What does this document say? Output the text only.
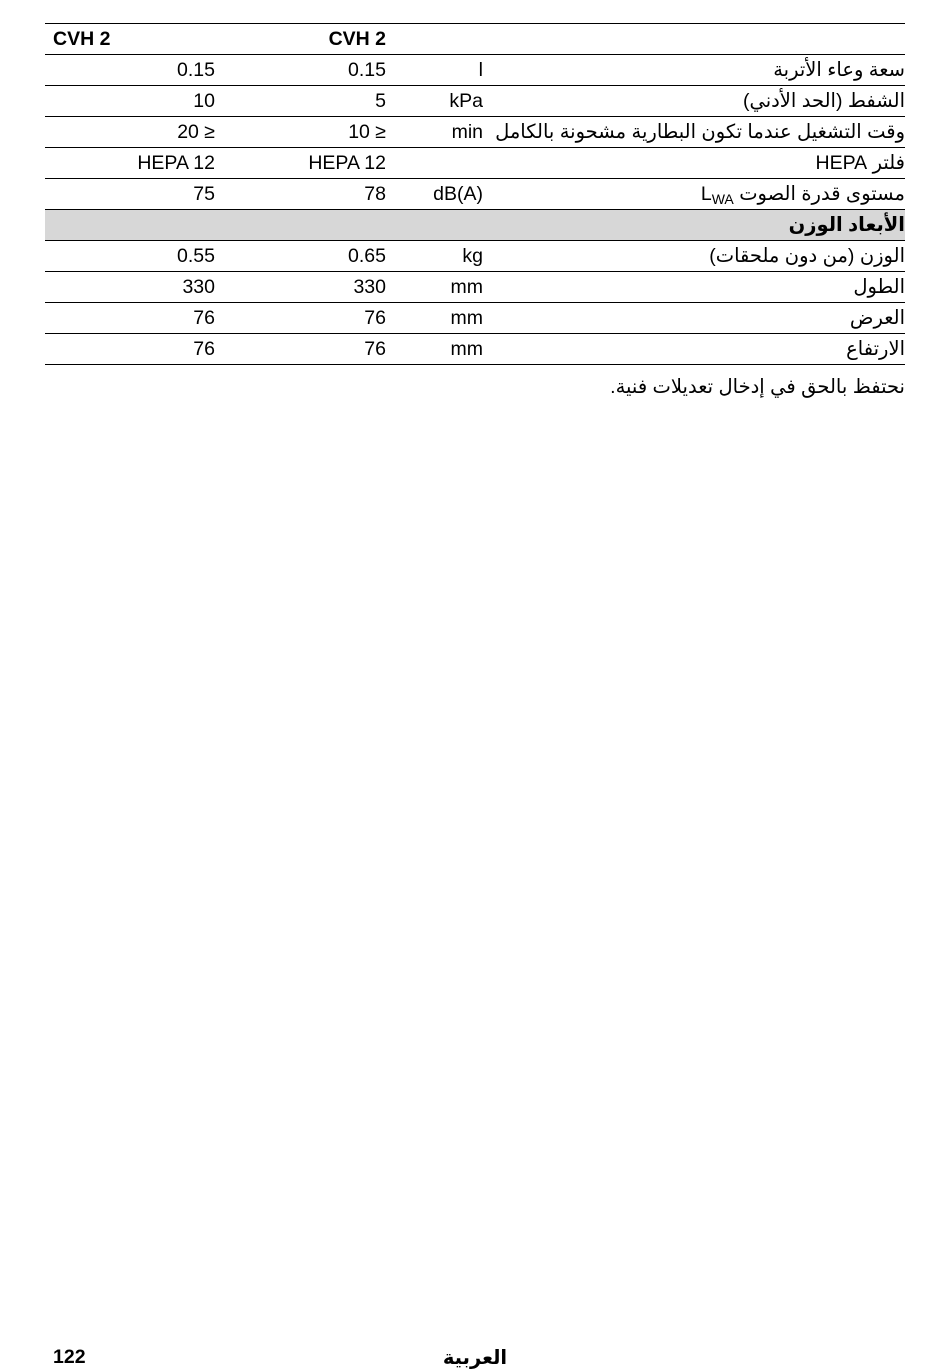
CVH 2	CVH 2		
0.15	0.15	l	سعة وعاء الأتربة
10	5	kPa	الشفط (الحد الأدني)
20 ≥	10 ≥	min	وقت التشغيل عندما تكون البطارية مشحونة بالكامل
HEPA 12	HEPA 12		فلتر HEPA
75	78	dB(A)	مستوى قدرة الصوت $L_{WA}$
الأبعاد الوزن			
0.55	0.65	kg	الوزن (من دون ملحقات)
330	330	mm	الطول
76	76	mm	العرض
76	76	mm	الارتفاع
نحتفظ بالحق في إدخال تعديلات فنية.
122	العربية
